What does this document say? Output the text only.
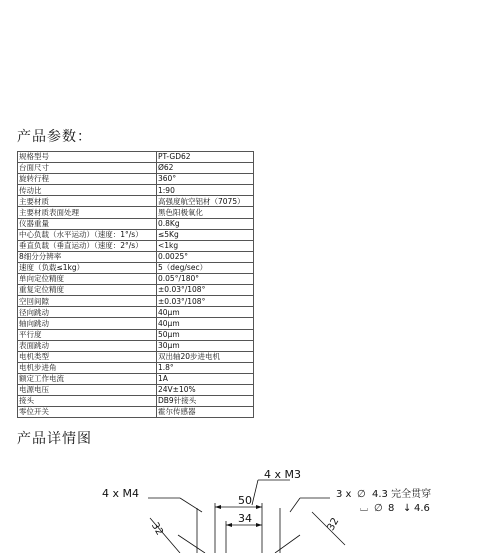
产品参数：
规格型号	PT-GD62
台面尺寸	Ø62
旋转行程	360°
传动比	1:90
主要材质	高强度航空铝材（7075）
主要材质表面处理	黑色阳极氧化
仪器重量	0.8Kg
中心负载（水平运动）（速度：1°/s）	≤5Kg
垂直负载（垂直运动）（速度：2°/s）	<1kg
8细分分辨率	0.0025°
速度（负载≤1kg）	5（deg/sec）
单向定位精度	0.05°/180°
重复定位精度	±0.03°/108°
空回间隙	±0.03°/108°
径向跳动	40μm
轴向跳动	40μm
平行度	50μm
表面跳动	30μm
电机类型	双出轴20步进电机
电机步进角	1.8°
额定工作电流	1A
电源电压	24V±10%
接头	DB9针接头
零位开关	霍尔传感器
产品详情图
4 x M4
4 x M3
50
34
3 x ∅ 4.3 完全贯穿
⌴ ∅ 8 ↓ 4.6
32	32
